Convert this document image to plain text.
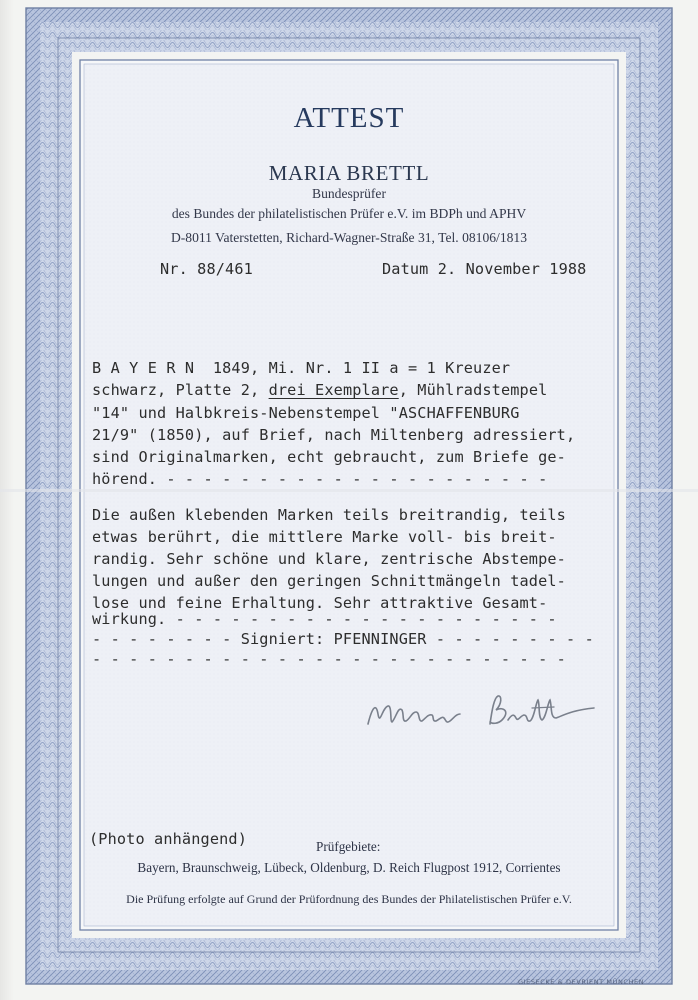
ATTEST
MARIA BRETTL
Bundesprüfer
des Bundes der philatelistischen Prüfer e.V. im BDPh und APHV
D-8011 Vaterstetten, Richard-Wagner-Straße 31, Tel. 08106/1813
Nr. 88/461	Datum 2. November 1988
B A Y E R N  1849, Mi. Nr. 1 II a = 1 Kreuzer
schwarz, Platte 2, drei Exemplare, Mühlradstempel
"14" und Halbkreis-Nebenstempel "ASCHAFFENBURG
21/9" (1850), auf Brief, nach Miltenberg adressiert,
sind Originalmarken, echt gebraucht, zum Briefe ge-
hörend. - - - - - - - - - - - - - - - - - - - - -
Die außen klebenden Marken teils breitrandig, teils
etwas berührt, die mittlere Marke voll- bis breit-
randig. Sehr schöne und klare, zentrische Abstempe-
lungen und außer den geringen Schnittmängeln tadel-
lose und feine Erhaltung. Sehr attraktive Gesamt-
wirkung. - - - - - - - - - - - - - - - - - - - - -
- - - - - - - - Signiert: PFENNINGER - - - - - - - - -
- - - - - - - - - - - - - - - - - - - - - - - - - -
(Photo anhängend)	Prüfgebiete:
Bayern, Braunschweig, Lübeck, Oldenburg, D. Reich Flugpost 1912, Corrientes
Die Prüfung erfolgte auf Grund der Prüfordnung des Bundes der Philatelistischen Prüfer e.V.
GIESECKE & DEVRIENT MÜNCHEN
